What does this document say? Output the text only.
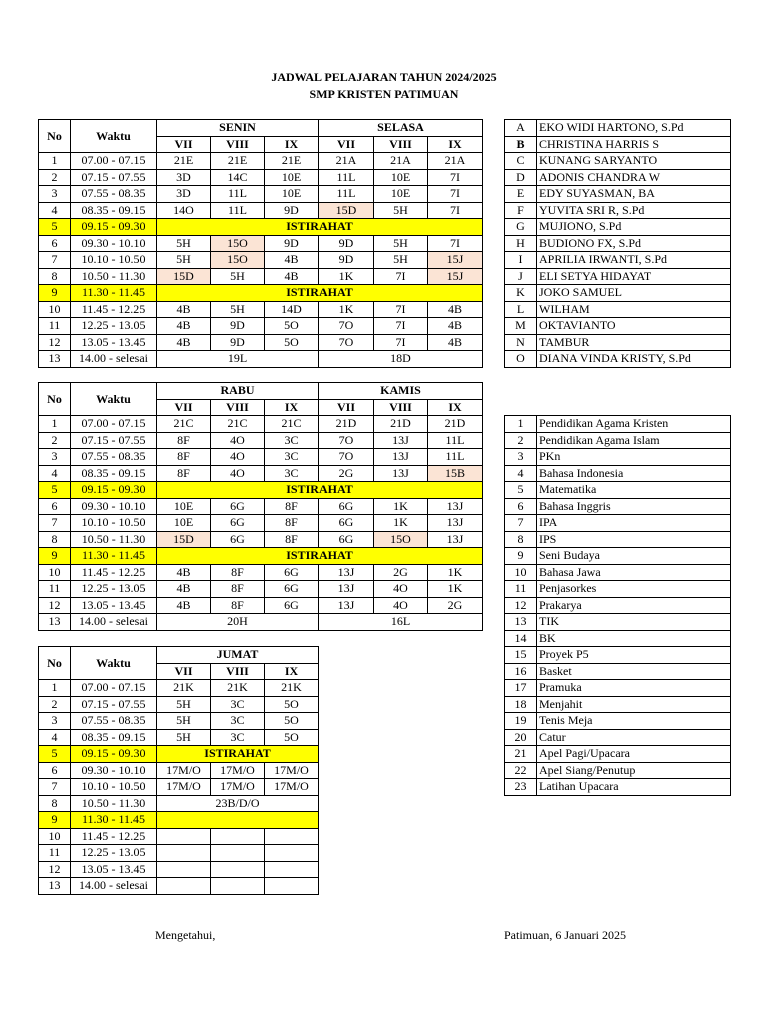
JADWAL PELAJARAN TAHUN 2024/2025
SMP KRISTEN PATIMUAN
No	Waktu	SENIN			SELASA		
		VII	VIII	IX	VII	VIII	IX
1	07.00 - 07.15	21E	21E	21E	21A	21A	21A
2	07.15 - 07.55	3D	14C	10E	11L	10E	7I
3	07.55 - 08.35	3D	11L	10E	11L	10E	7I
4	08.35 - 09.15	14O	11L	9D	15D	5H	7I
5	09.15 - 09.30	ISTIRAHAT					
6	09.30 - 10.10	5H	15O	9D	9D	5H	7I
7	10.10 - 10.50	5H	15O	4B	9D	5H	15J
8	10.50 - 11.30	15D	5H	4B	1K	7I	15J
9	11.30 - 11.45	ISTIRAHAT					
10	11.45 - 12.25	4B	5H	14D	1K	7I	4B
11	12.25 - 13.05	4B	9D	5O	7O	7I	4B
12	13.05 - 13.45	4B	9D	5O	7O	7I	4B
13	14.00 - selesai	19L			18D		
No	Waktu	RABU			KAMIS		
		VII	VIII	IX	VII	VIII	IX
1	07.00 - 07.15	21C	21C	21C	21D	21D	21D
2	07.15 - 07.55	8F	4O	3C	7O	13J	11L
3	07.55 - 08.35	8F	4O	3C	7O	13J	11L
4	08.35 - 09.15	8F	4O	3C	2G	13J	15B
5	09.15 - 09.30	ISTIRAHAT					
6	09.30 - 10.10	10E	6G	8F	6G	1K	13J
7	10.10 - 10.50	10E	6G	8F	6G	1K	13J
8	10.50 - 11.30	15D	6G	8F	6G	15O	13J
9	11.30 - 11.45	ISTIRAHAT					
10	11.45 - 12.25	4B	8F	6G	13J	2G	1K
11	12.25 - 13.05	4B	8F	6G	13J	4O	1K
12	13.05 - 13.45	4B	8F	6G	13J	4O	2G
13	14.00 - selesai	20H			16L		
No	Waktu	JUMAT		
		VII	VIII	IX
1	07.00 - 07.15	21K	21K	21K
2	07.15 - 07.55	5H	3C	5O
3	07.55 - 08.35	5H	3C	5O
4	08.35 - 09.15	5H	3C	5O
5	09.15 - 09.30	ISTIRAHAT		
6	09.30 - 10.10	17M/O	17M/O	17M/O
7	10.10 - 10.50	17M/O	17M/O	17M/O
8	10.50 - 11.30	23B/D/O		
9	11.30 - 11.45			
10	11.45 - 12.25			
11	12.25 - 13.05			
12	13.05 - 13.45			
13	14.00 - selesai			
A	EKO WIDI HARTONO, S.Pd
B	CHRISTINA HARRIS S
C	KUNANG SARYANTO
D	ADONIS CHANDRA W
E	EDY SUYASMAN, BA
F	YUVITA SRI R, S.Pd
G	MUJIONO, S.Pd
H	BUDIONO FX, S.Pd
I	APRILIA IRWANTI, S.Pd
J	ELI SETYA HIDAYAT
K	JOKO SAMUEL
L	WILHAM
M	OKTAVIANTO
N	TAMBUR
O	DIANA VINDA KRISTY, S.Pd
1	Pendidikan Agama Kristen
2	Pendidikan Agama Islam
3	PKn
4	Bahasa Indonesia
5	Matematika
6	Bahasa Inggris
7	IPA
8	IPS
9	Seni Budaya
10	Bahasa Jawa
11	Penjasorkes
12	Prakarya
13	TIK
14	BK
15	Proyek P5
16	Basket
17	Pramuka
18	Menjahit
19	Tenis Meja
20	Catur
21	Apel Pagi/Upacara
22	Apel Siang/Penutup
23	Latihan Upacara
Mengetahui,	Patimuan, 6 Januari 2025
